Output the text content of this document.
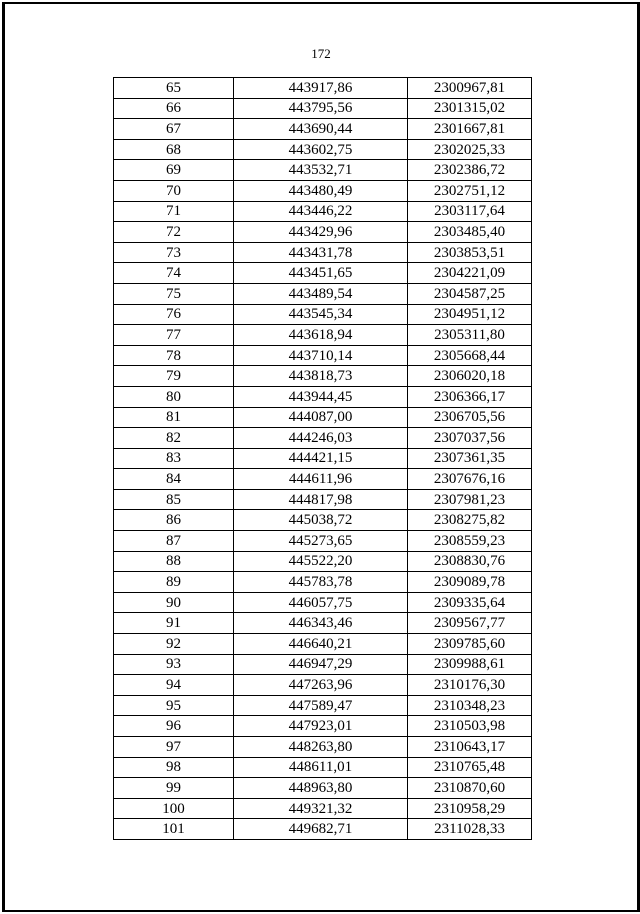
172
65	443917,86	2300967,81
66	443795,56	2301315,02
67	443690,44	2301667,81
68	443602,75	2302025,33
69	443532,71	2302386,72
70	443480,49	2302751,12
71	443446,22	2303117,64
72	443429,96	2303485,40
73	443431,78	2303853,51
74	443451,65	2304221,09
75	443489,54	2304587,25
76	443545,34	2304951,12
77	443618,94	2305311,80
78	443710,14	2305668,44
79	443818,73	2306020,18
80	443944,45	2306366,17
81	444087,00	2306705,56
82	444246,03	2307037,56
83	444421,15	2307361,35
84	444611,96	2307676,16
85	444817,98	2307981,23
86	445038,72	2308275,82
87	445273,65	2308559,23
88	445522,20	2308830,76
89	445783,78	2309089,78
90	446057,75	2309335,64
91	446343,46	2309567,77
92	446640,21	2309785,60
93	446947,29	2309988,61
94	447263,96	2310176,30
95	447589,47	2310348,23
96	447923,01	2310503,98
97	448263,80	2310643,17
98	448611,01	2310765,48
99	448963,80	2310870,60
100	449321,32	2310958,29
101	449682,71	2311028,33
